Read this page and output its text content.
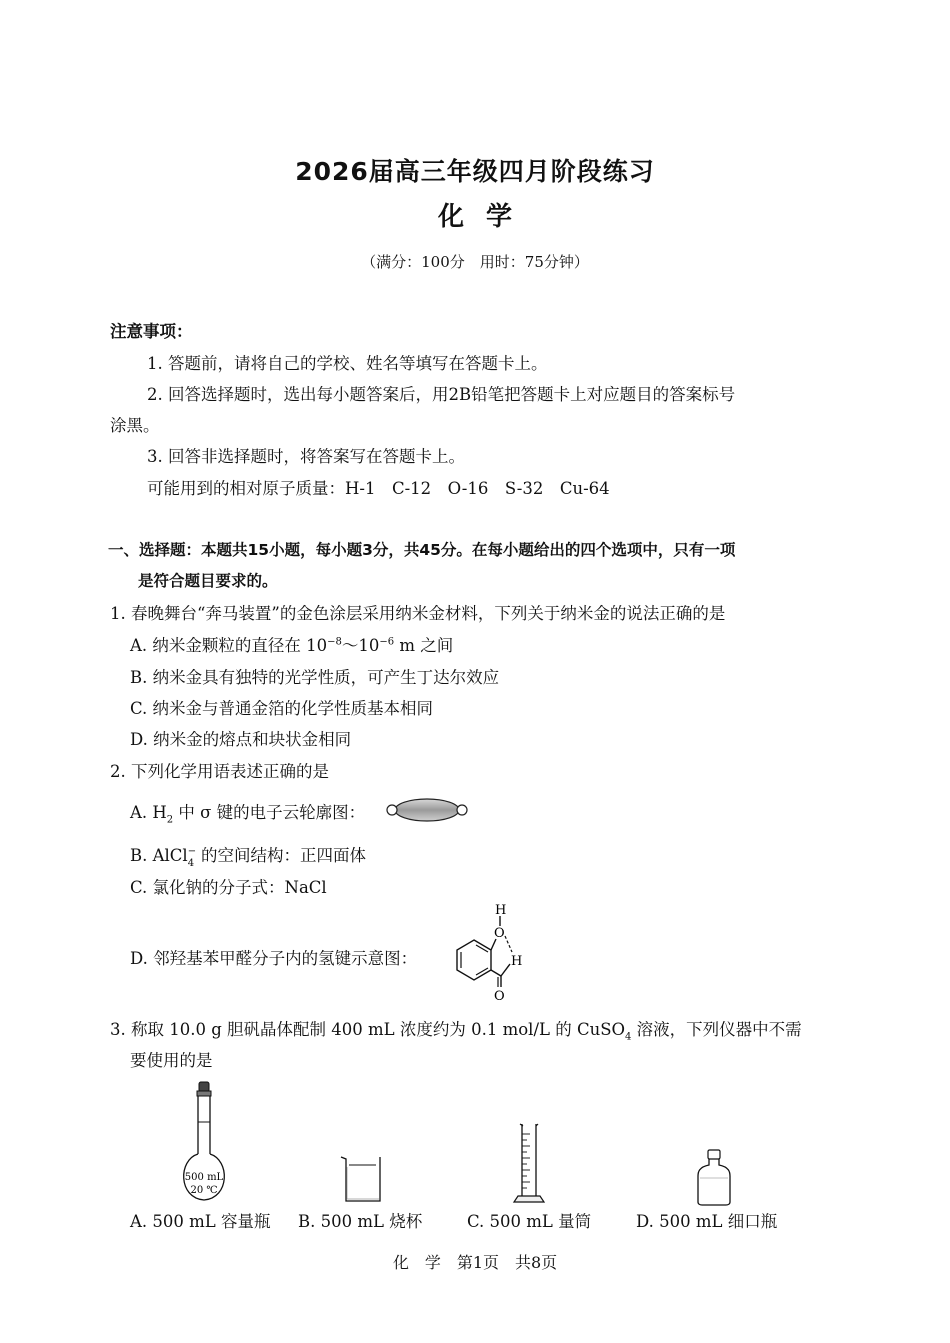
2026届高三年级四月阶段练习
化学
（满分：100分　用时：75分钟）
注意事项：
1. 答题前，请将自己的学校、姓名等填写在答题卡上。
2. 回答选择题时，选出每小题答案后，用2B铅笔把答题卡上对应题目的答案标号
涂黑。
3. 回答非选择题时，将答案写在答题卡上。
可能用到的相对原子质量：H-1　C-12　O-16　S-32　Cu-64
一、选择题：本题共15小题，每小题3分，共45分。在每小题给出的四个选项中，只有一项
是符合题目要求的。
1. 春晚舞台“奔马装置”的金色涂层采用纳米金材料，下列关于纳米金的说法正确的是
A. 纳米金颗粒的直径在 $10^{-8}\sim 10^{-6}$ m 之间
B. 纳米金具有独特的光学性质，可产生丁达尔效应
C. 纳米金与普通金箔的化学性质基本相同
D. 纳米金的熔点和块状金相同
2. 下列化学用语表述正确的是
A. $H_2$ 中 σ 键的电子云轮廓图：
B. AlCl −
4 的空间结构：正四面体
C. 氯化钠的分子式：NaCl
D. 邻羟基苯甲醛分子内的氢键示意图：
H
O
H
O
3. 称取 10.0 g 胆矾晶体配制 400 mL 浓度约为 0.1 mol/L 的 CuSO$_4$ 溶液，下列仪器中不需
要使用的是
500 mL
20 ℃
A. 500 mL 容量瓶 B. 500 mL 烧杯	C. 500 mL 量筒	D. 500 mL 细口瓶
化　学　第1页　共8页
